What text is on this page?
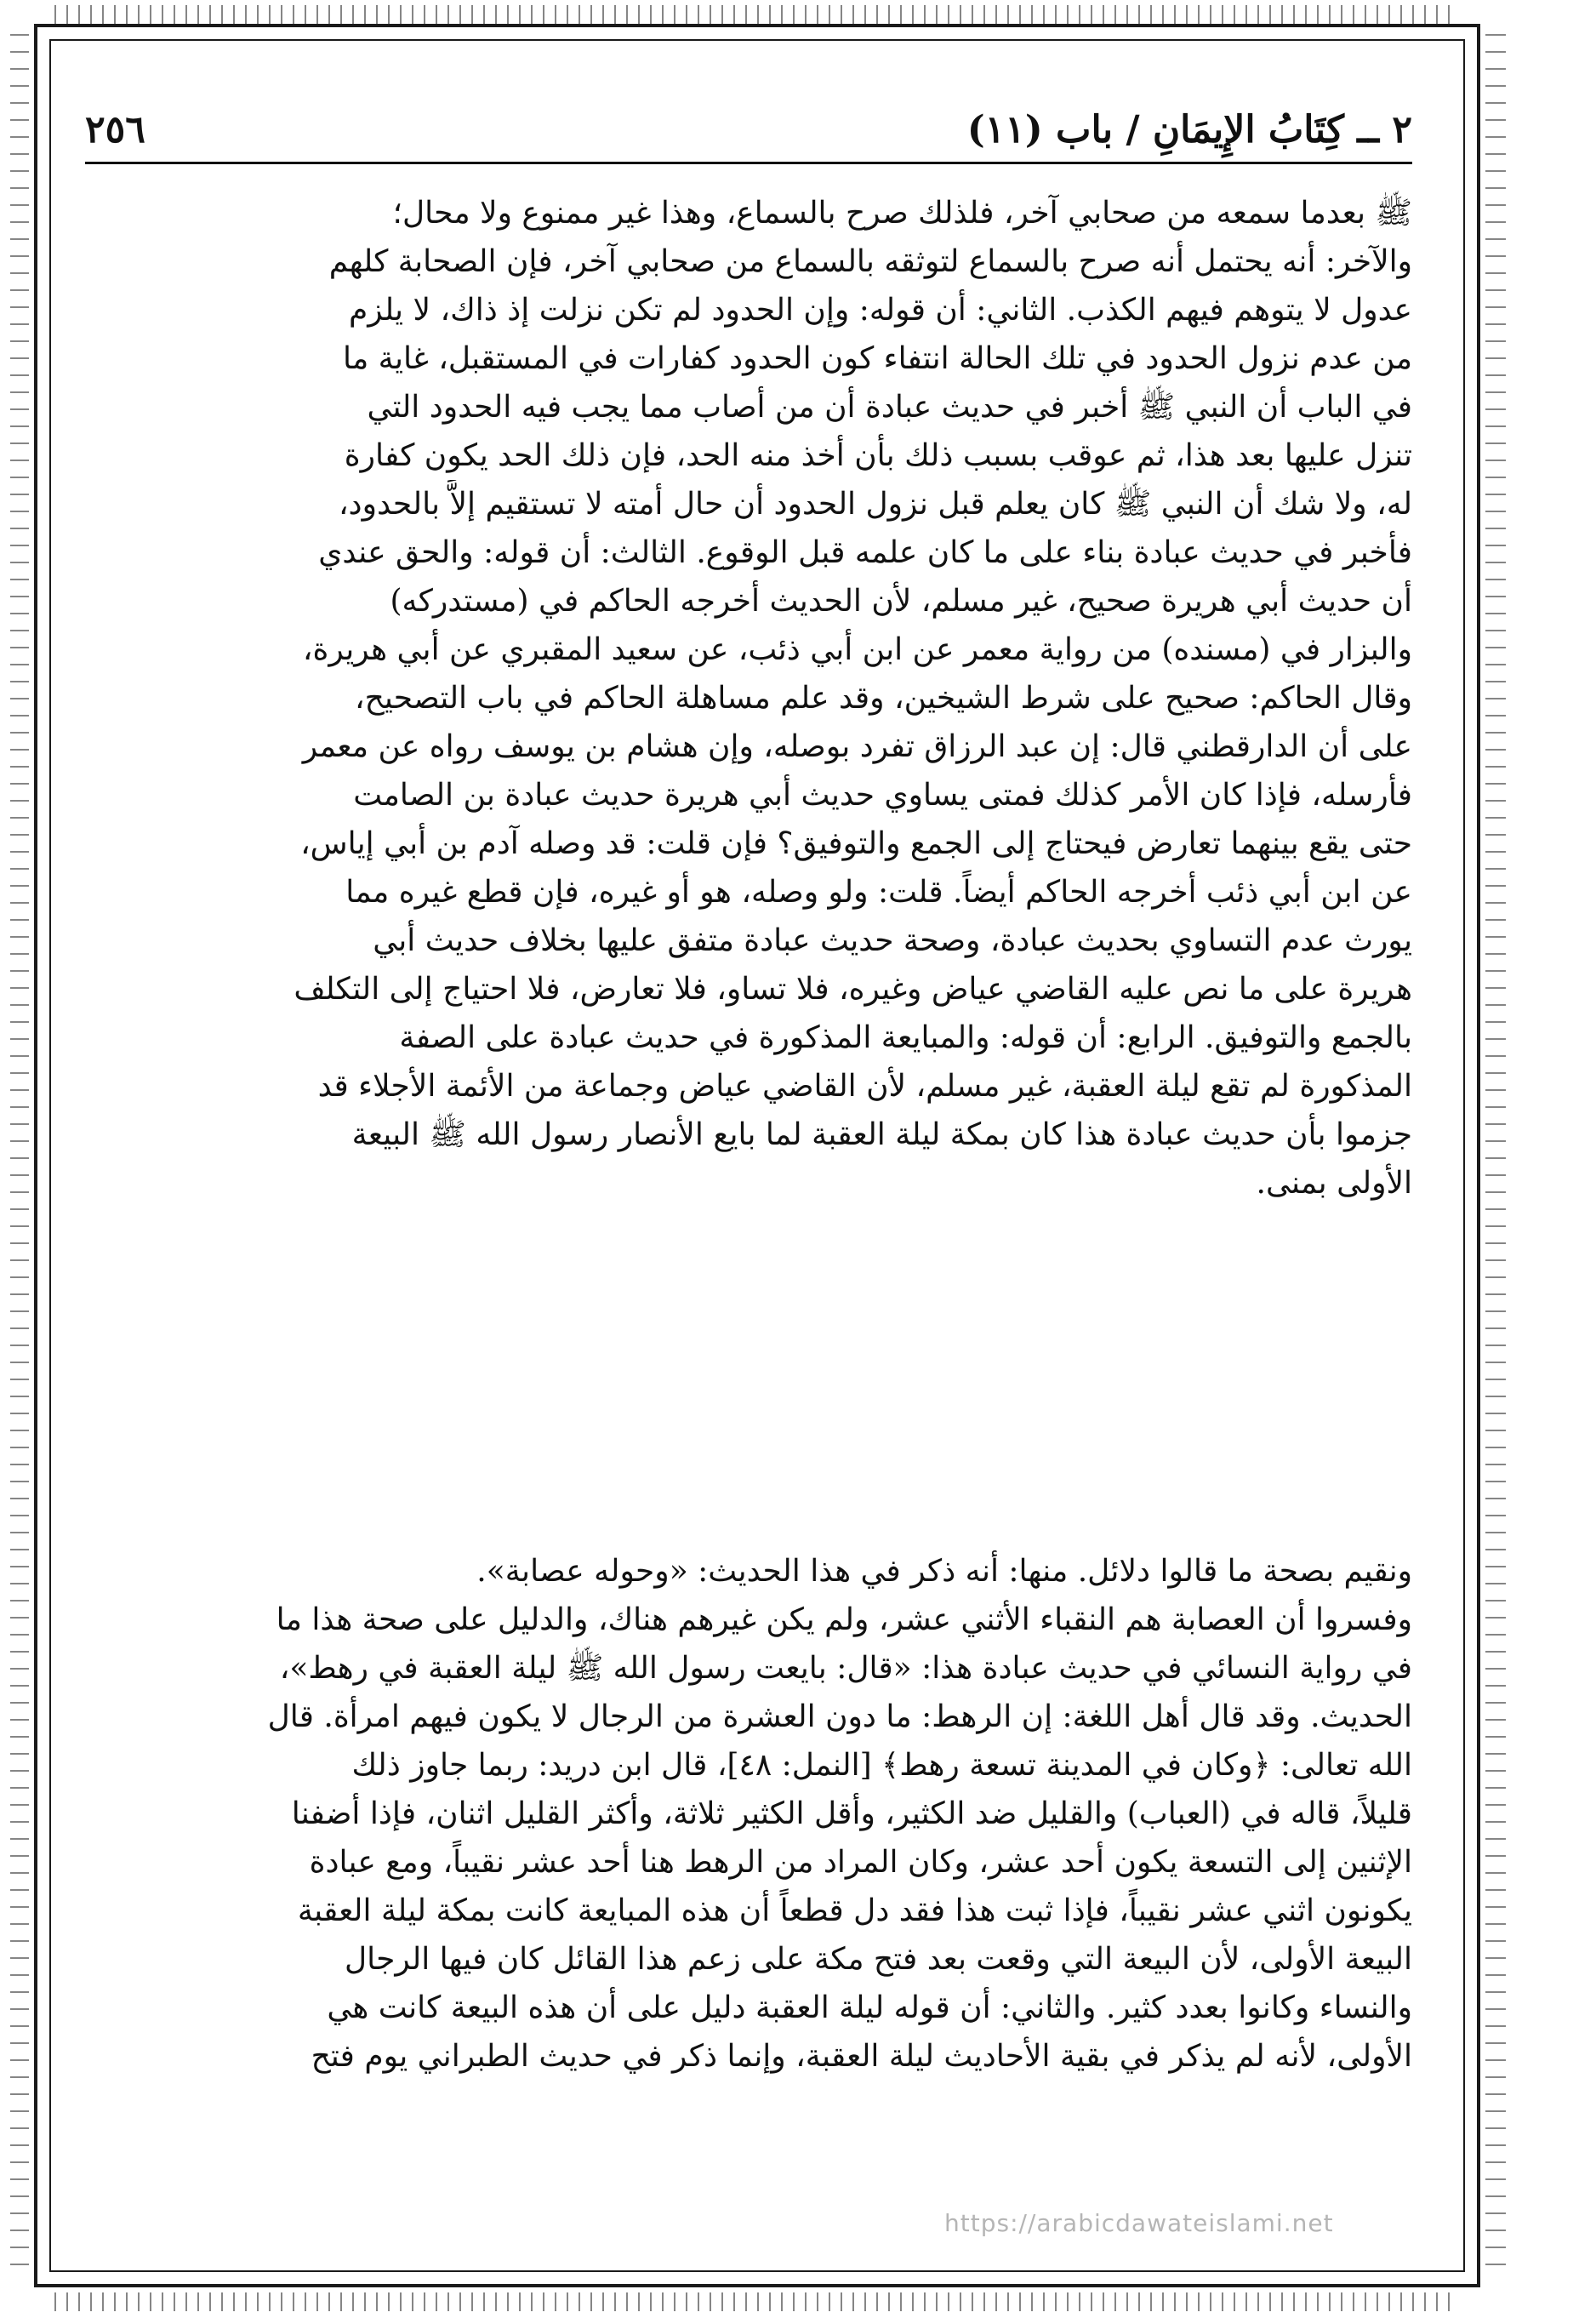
٢ ــ كِتَابُ الإِيمَانِ / باب (١١)
٢٥٦
ﷺ بعدما سمعه من صحابي آخر، فلذلك صرح بالسماع، وهذا غير ممنوع ولا محال؛
والآخر: أنه يحتمل أنه صرح بالسماع لتوثقه بالسماع من صحابي آخر، فإن الصحابة كلهم
عدول لا يتوهم فيهم الكذب. الثاني: أن قوله: وإن الحدود لم تكن نزلت إذ ذاك، لا يلزم
من عدم نزول الحدود في تلك الحالة انتفاء كون الحدود كفارات في المستقبل، غاية ما
في الباب أن النبي ﷺ أخبر في حديث عبادة أن من أصاب مما يجب فيه الحدود التي
تنزل عليها بعد هذا، ثم عوقب بسبب ذلك بأن أخذ منه الحد، فإن ذلك الحد يكون كفارة
له، ولا شك أن النبي ﷺ كان يعلم قبل نزول الحدود أن حال أمته لا تستقيم إلاَّ بالحدود،
فأخبر في حديث عبادة بناء على ما كان علمه قبل الوقوع. الثالث: أن قوله: والحق عندي
أن حديث أبي هريرة صحيح، غير مسلم، لأن الحديث أخرجه الحاكم في (مستدركه)
والبزار في (مسنده) من رواية معمر عن ابن أبي ذئب، عن سعيد المقبري عن أبي هريرة،
وقال الحاكم: صحيح على شرط الشيخين، وقد علم مساهلة الحاكم في باب التصحيح،
على أن الدارقطني قال: إن عبد الرزاق تفرد بوصله، وإن هشام بن يوسف رواه عن معمر
فأرسله، فإذا كان الأمر كذلك فمتى يساوي حديث أبي هريرة حديث عبادة بن الصامت
حتى يقع بينهما تعارض فيحتاج إلى الجمع والتوفيق؟ فإن قلت: قد وصله آدم بن أبي إياس،
عن ابن أبي ذئب أخرجه الحاكم أيضاً. قلت: ولو وصله، هو أو غيره، فإن قطع غيره مما
يورث عدم التساوي بحديث عبادة، وصحة حديث عبادة متفق عليها بخلاف حديث أبي
هريرة على ما نص عليه القاضي عياض وغيره، فلا تساو، فلا تعارض، فلا احتياج إلى التكلف
بالجمع والتوفيق. الرابع: أن قوله: والمبايعة المذكورة في حديث عبادة على الصفة
المذكورة لم تقع ليلة العقبة، غير مسلم، لأن القاضي عياض وجماعة من الأئمة الأجلاء قد
جزموا بأن حديث عبادة هذا كان بمكة ليلة العقبة لما بايع الأنصار رسول الله ﷺ البيعة
الأولى بمنى.
ونقيم بصحة ما قالوا دلائل. منها: أنه ذكر في هذا الحديث: «وحوله عصابة».
وفسروا أن العصابة هم النقباء الأثني عشر، ولم يكن غيرهم هناك، والدليل على صحة هذا ما
في رواية النسائي في حديث عبادة هذا: «قال: بايعت رسول الله ﷺ ليلة العقبة في رهط»،
الحديث. وقد قال أهل اللغة: إن الرهط: ما دون العشرة من الرجال لا يكون فيهم امرأة. قال
الله تعالى: ﴿وكان في المدينة تسعة رهط﴾ [النمل: ٤٨]، قال ابن دريد: ربما جاوز ذلك
قليلاً، قاله في (العباب) والقليل ضد الكثير، وأقل الكثير ثلاثة، وأكثر القليل اثنان، فإذا أضفنا
الإثنين إلى التسعة يكون أحد عشر، وكان المراد من الرهط هنا أحد عشر نقيباً، ومع عبادة
يكونون اثني عشر نقيباً، فإذا ثبت هذا فقد دل قطعاً أن هذه المبايعة كانت بمكة ليلة العقبة
البيعة الأولى، لأن البيعة التي وقعت بعد فتح مكة على زعم هذا القائل كان فيها الرجال
والنساء وكانوا بعدد كثير. والثاني: أن قوله ليلة العقبة دليل على أن هذه البيعة كانت هي
الأولى، لأنه لم يذكر في بقية الأحاديث ليلة العقبة، وإنما ذكر في حديث الطبراني يوم فتح
https://arabicdawateislami.net
